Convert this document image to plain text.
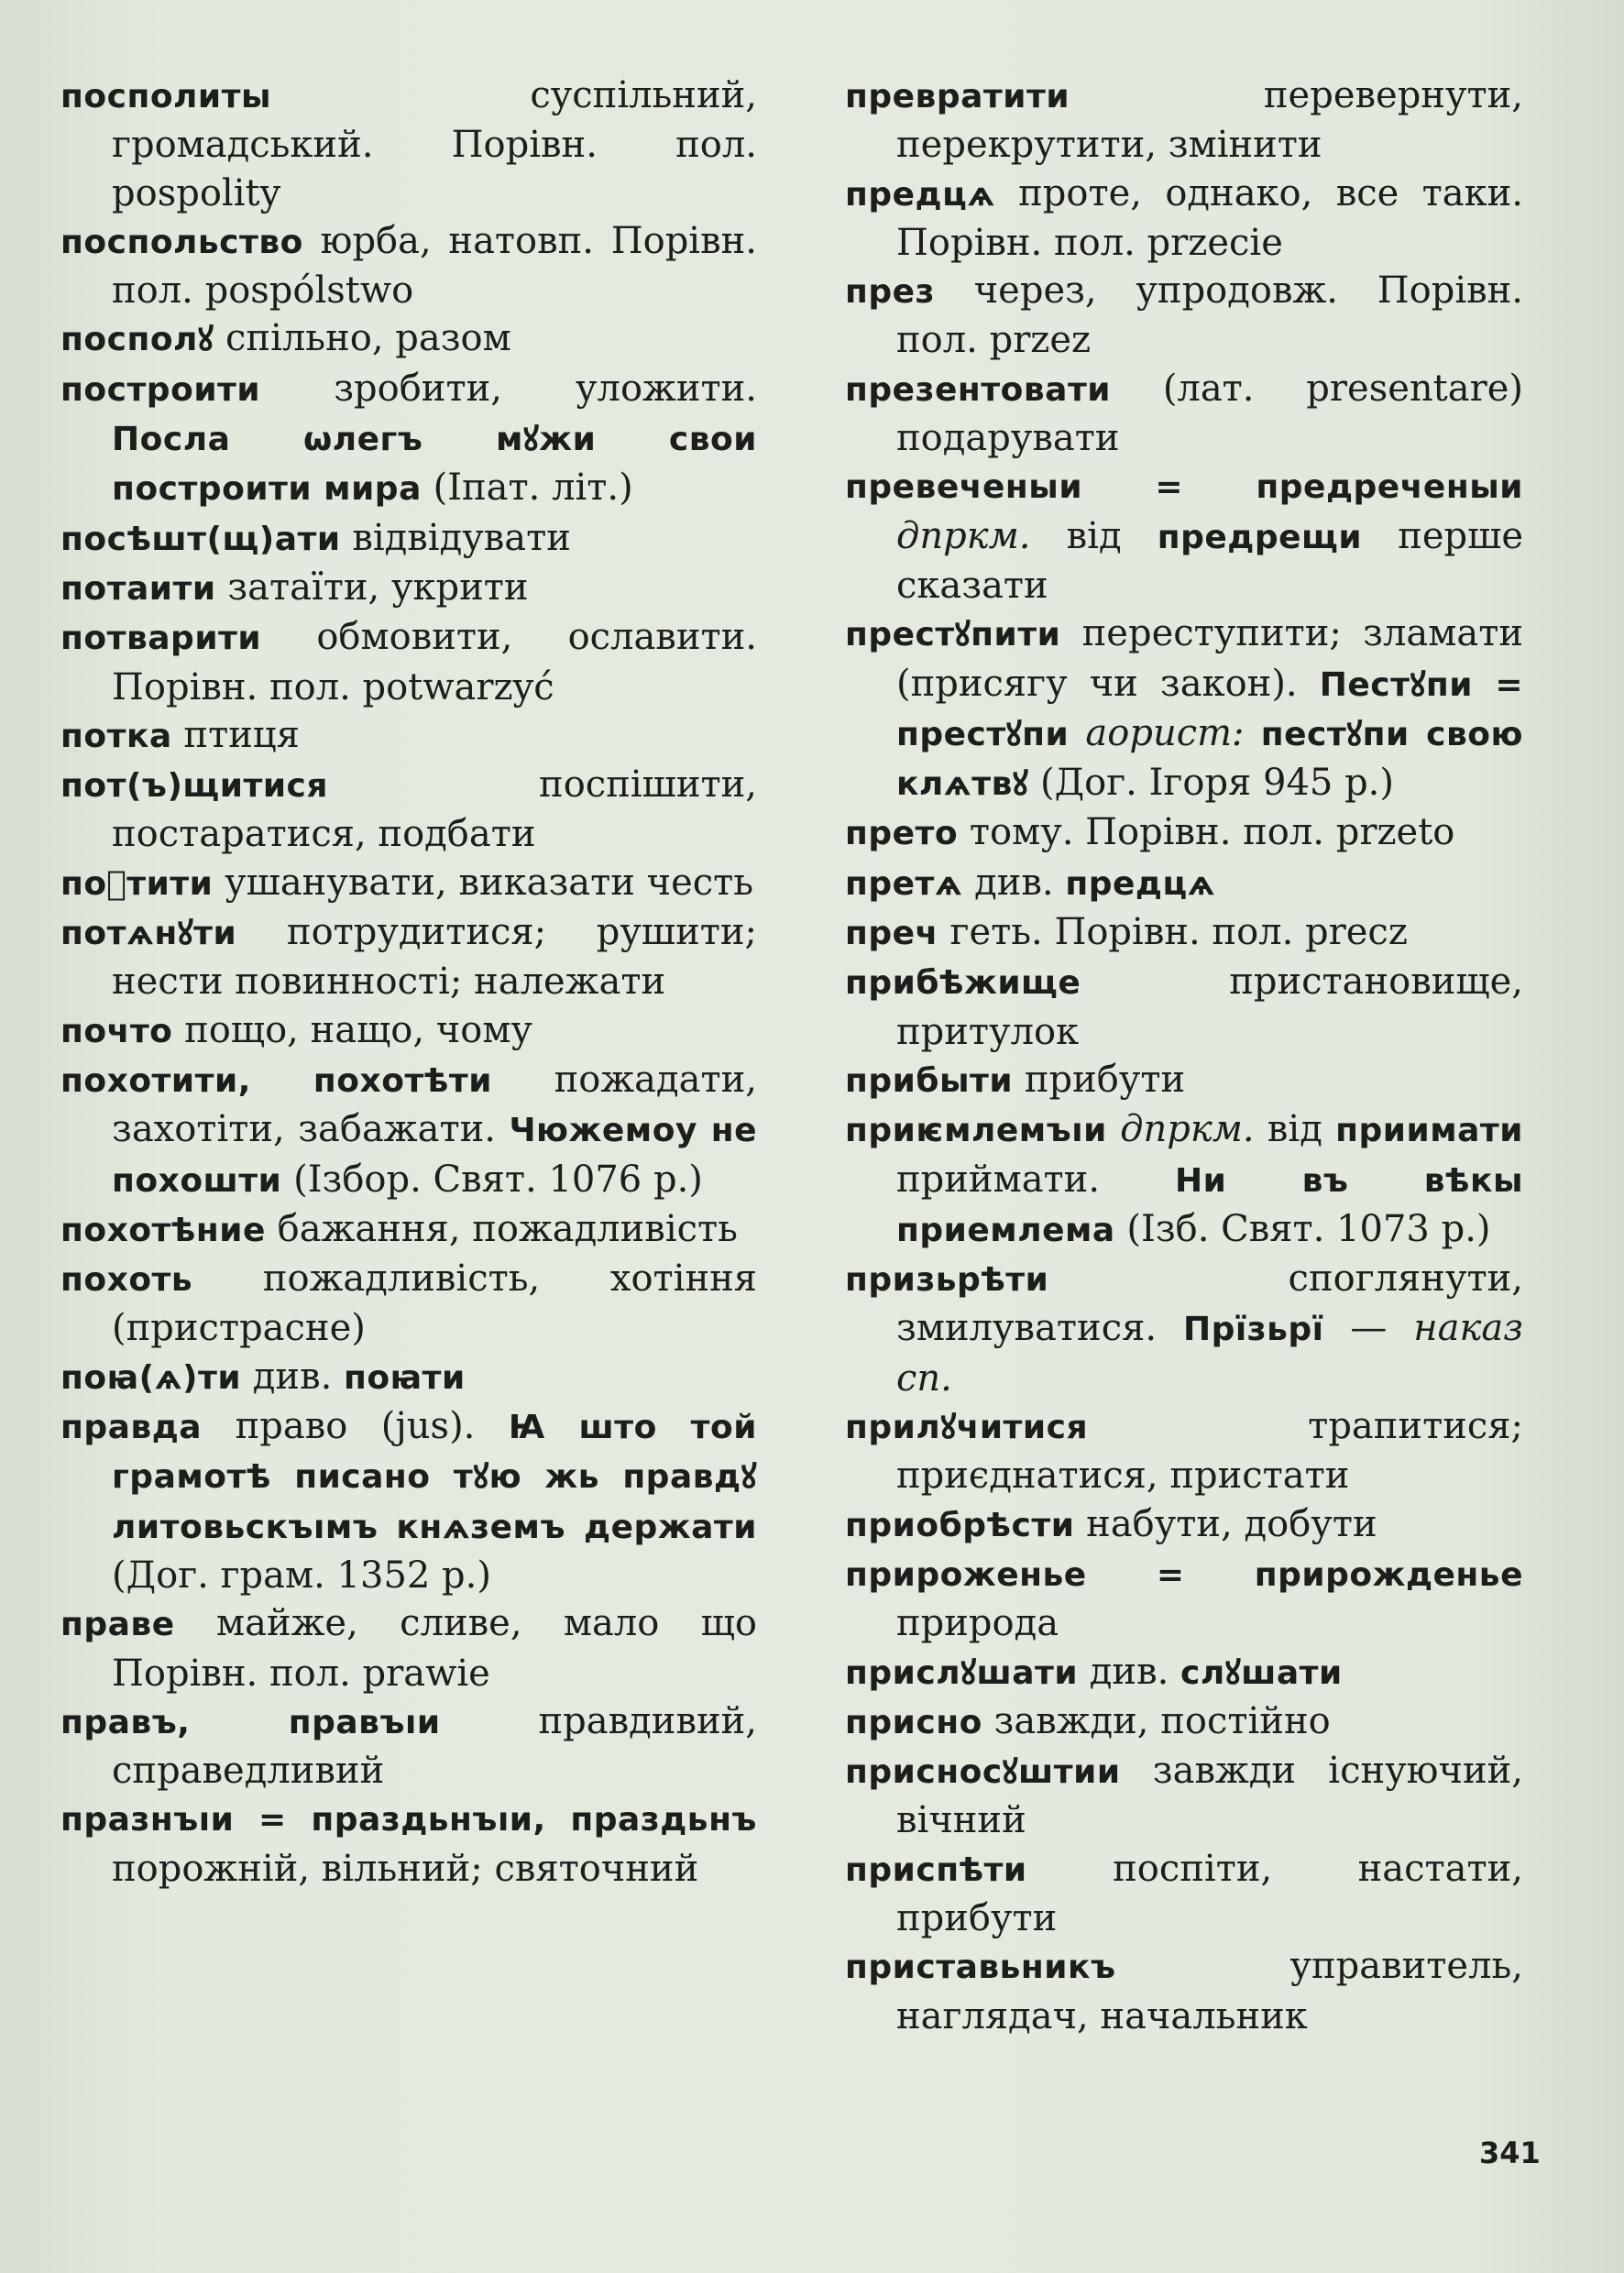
посполиты суспільний, громадський. Порівн. пол. pospolity

поспольство юрба, натовп. Порівн. пол. pospólstwo

посполꙋ спільно, разом

построити зробити, уложити. Посла ѡлегъ мꙋжи свои построити мира (Іпат. літ.)

посѣшт(щ)ати відвідувати

потаити затаїти, укрити

потварити обмовити, ославити. Порівн. пол. potwarzyć

потка птиця

пот(ъ)щитися поспішити, постаратися, подбати

поⷱтити ушанувати, виказати честь

потѧнꙋти потрудитися; рушити; нести повинності; належати

почто пощо, нащо, чому

похотити, похотѣти пожадати, захотіти, забажати. Чюжемоу не похошти (Ізбор. Свят. 1076 р.)

похотѣние бажання, пожадливість

похоть пожадливість, хотіння (пристрасне)

поꙗ(ѧ)ти див. поꙗти

правда право (jus). Ꙗ што той грамотѣ писано тꙋю жь правдꙋ литовьскъıмъ кнѧземъ держати (Дог. грам. 1352 р.)

праве майже, сливе, мало що Порівн. пол. prawie

правъ, правъıи правдивий, справедливий

празнъıи = праздьнъıи, праздьнъ порожній, вільний; святочний

превратити перевернути, перекрутити, змінити

предцѧ проте, однако, все таки. Порівн. пол. przecie

през через, упродовж. Порівн. пол. przez

презентовати (лат. presentare) подарувати

превеченыи = предреченыи дпркм. від предрещи перше сказати

престꙋпити переступити; зламати (присягу чи закон). Пестꙋпи = престꙋпи аорист: пестꙋпи свою клѧтвꙋ (Дог. Ігоря 945 р.)

прето тому. Порівн. пол. przeto

претѧ див. предцѧ

преч геть. Порівн. пол. precz

прибѣжище пристановище, притулок

прибыти прибути

приѥмлемъıи дпркм. від приимати приймати. Ни въ вѣкы приемлема (Ізб. Свят. 1073 р.)

призьрѣти споглянути, змилуватися. Прїзьрї — наказ сп.

прилꙋчитися трапитися; приєднатися, пристати

приобрѣсти набути, добути

прироженье = прирожденье природа

прислꙋшати див. слꙋшати

присно завжди, постійно

присносꙋштии завжди існуючий, вічний

приспѣти поспіти, настати, прибути

приставьникъ управитель, наглядач, начальник

341
